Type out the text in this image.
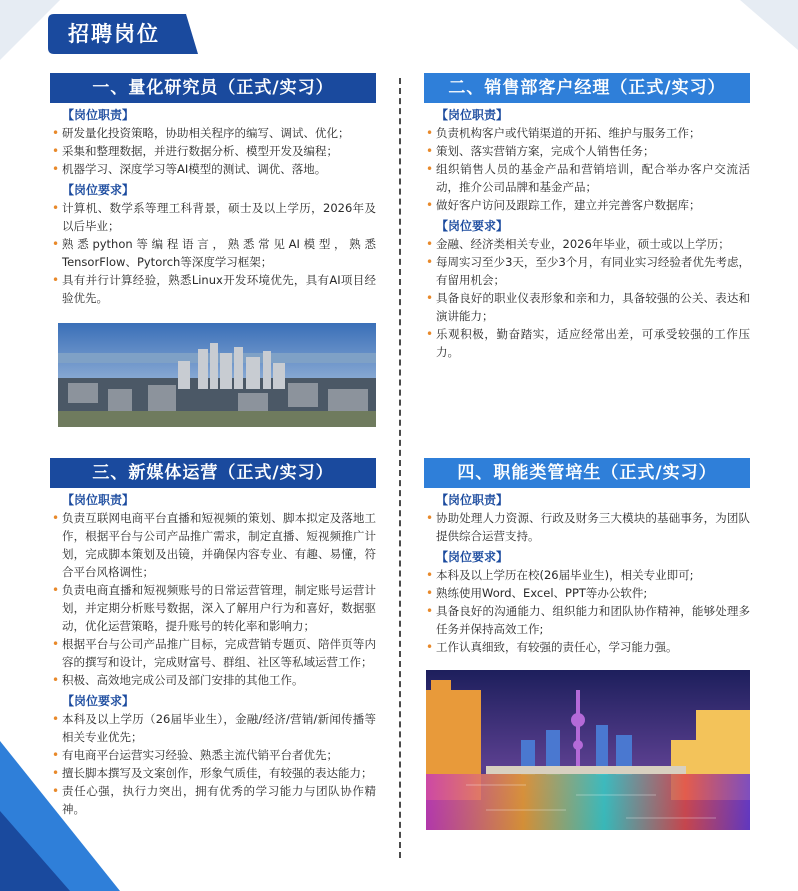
招聘岗位
一、量化研究员（正式/实习）
【岗位职责】
• 研发量化投资策略，协助相关程序的编写、调试、优化；
• 采集和整理数据，并进行数据分析、模型开发及编程；
• 机器学习、深度学习等AI模型的测试、调优、落地。
【岗位要求】
• 计算机、数学系等理工科背景，硕士及以上学历，2026年及以后毕业；
• 熟悉python等编程语言，熟悉常见AI模型，熟悉TensorFlow、Pytorch等深度学习框架；
• 具有并行计算经验，熟悉Linux开发环境优先，具有AI项目经验优先。
二、销售部客户经理（正式/实习）
【岗位职责】
• 负责机构客户或代销渠道的开拓、维护与服务工作；
• 策划、落实营销方案，完成个人销售任务；
• 组织销售人员的基金产品和营销培训，配合举办客户交流活动，推介公司品牌和基金产品；
• 做好客户访问及跟踪工作，建立并完善客户数据库；
【岗位要求】
• 金融、经济类相关专业，2026年毕业，硕士或以上学历；
• 每周实习至少3天，至少3个月，有同业实习经验者优先考虑，有留用机会；
• 具备良好的职业仪表形象和亲和力，具备较强的公关、表达和演讲能力；
• 乐观积极，勤奋踏实，适应经常出差，可承受较强的工作压力。
三、新媒体运营（正式/实习）
【岗位职责】
• 负责互联网电商平台直播和短视频的策划、脚本拟定及落地工作，根据平台与公司产品推广需求，制定直播、短视频推广计划，完成脚本策划及出镜，并确保内容专业、有趣、易懂，符合平台风格调性；
• 负责电商直播和短视频账号的日常运营管理，制定账号运营计划，并定期分析账号数据，深入了解用户行为和喜好，数据驱动，优化运营策略，提升账号的转化率和影响力；
• 根据平台与公司产品推广目标，完成营销专题页、陪伴页等内容的撰写和设计，完成财富号、群组、社区等私域运营工作；
• 积极、高效地完成公司及部门安排的其他工作。
【岗位要求】
• 本科及以上学历（26届毕业生），金融/经济/营销/新闻传播等相关专业优先；
• 有电商平台运营实习经验、熟悉主流代销平台者优先；
• 擅长脚本撰写及文案创作，形象气质佳，有较强的表达能力；
• 责任心强，执行力突出，拥有优秀的学习能力与团队协作精神。
四、职能类管培生（正式/实习）
【岗位职责】
• 协助处理人力资源、行政及财务三大模块的基础事务，为团队提供综合运营支持。
【岗位要求】
• 本科及以上学历在校(26届毕业生)，相关专业即可;
• 熟练使用Word、Excel、PPT等办公软件;
• 具备良好的沟通能力、组织能力和团队协作精神，能够处理多任务并保持高效工作;
• 工作认真细致，有较强的责任心，学习能力强。
